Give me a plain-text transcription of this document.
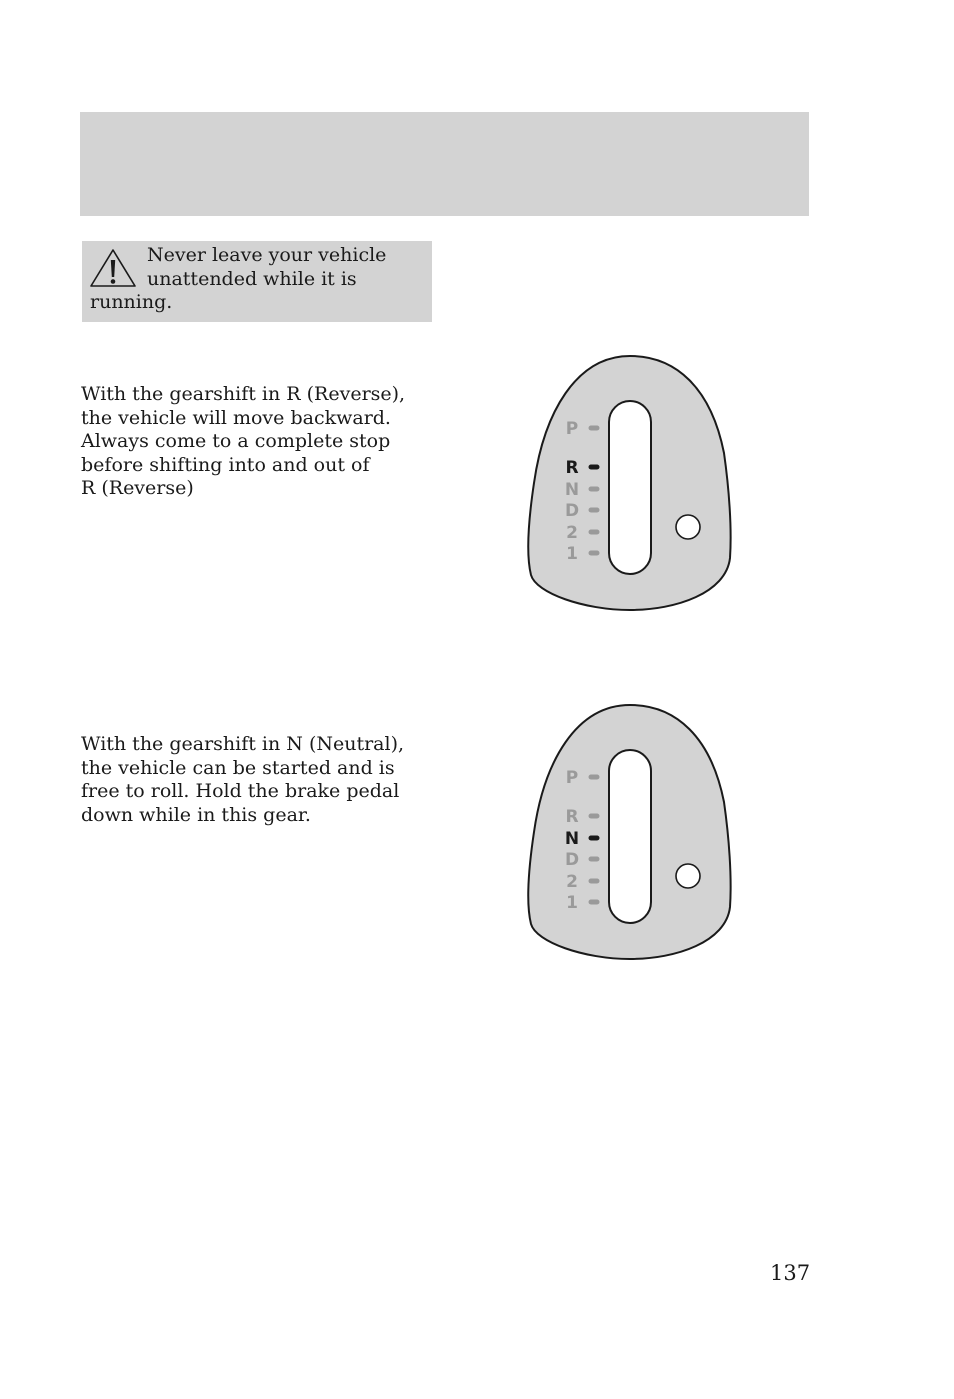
Never leave your vehicle
unattended while it is
running.
With the gearshift in R (Reverse),
the vehicle will move backward.
Always come to a complete stop
before shifting into and out of
R (Reverse)
P
R
N
D
2
1
With the gearshift in N (Neutral),
the vehicle can be started and is
free to roll. Hold the brake pedal
down while in this gear.
P
R
N
D
2
1
137
